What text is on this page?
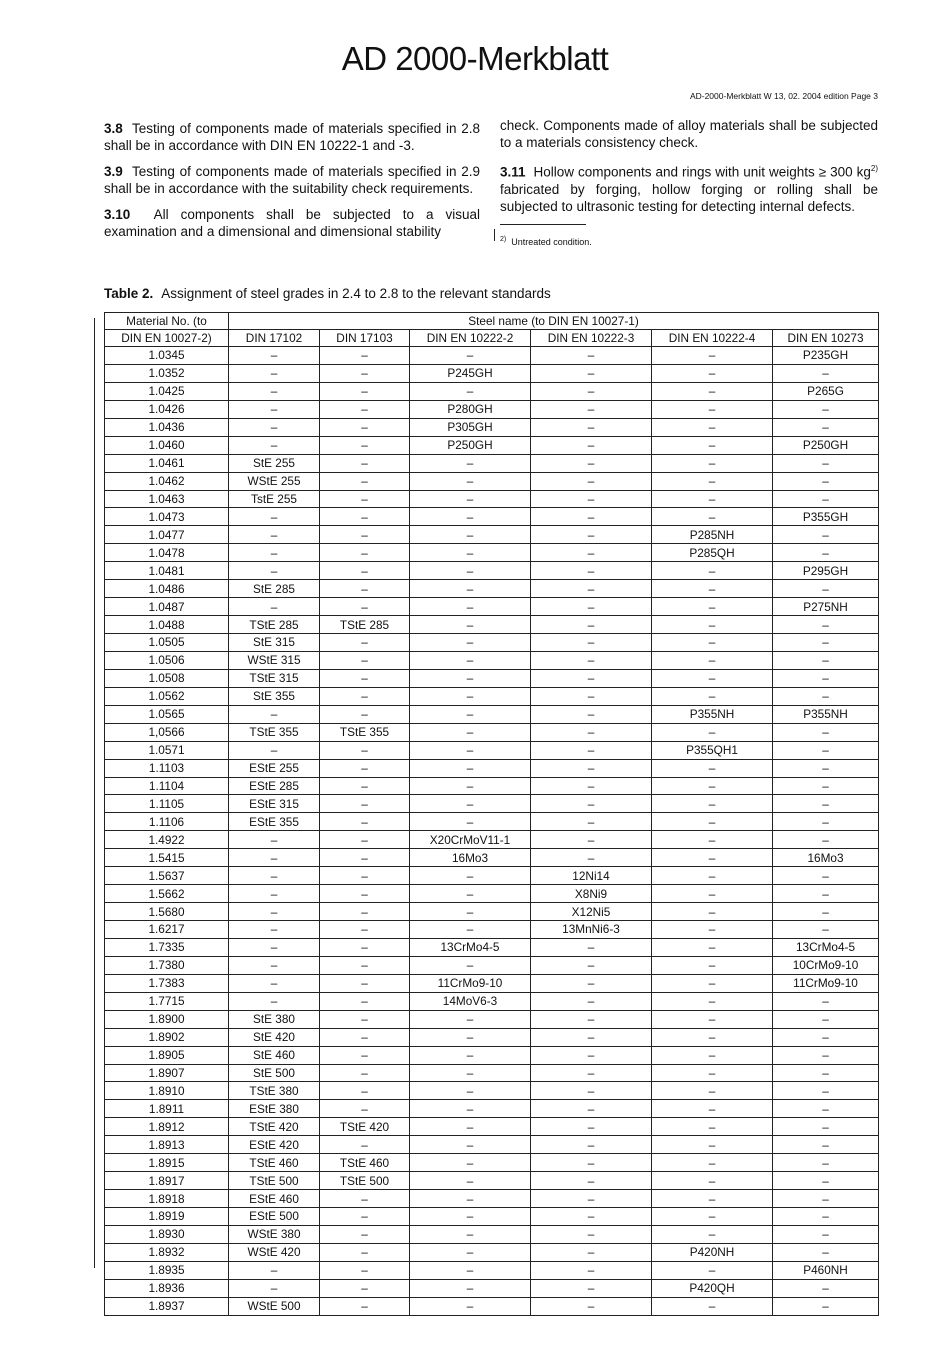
AD 2000-Merkblatt
AD-2000-Merkblatt W 13, 02. 2004 edition Page 3

3.8 Testing of components made of materials specified in 2.8 shall be in accordance with DIN EN 10222-1 and -3.

3.9 Testing of components made of materials specified in 2.9 shall be in accordance with the suitability check requirements.

3.10 All components shall be subjected to a visual examination and a dimensional and dimensional stability

check. Components made of alloy materials shall be subjected to a materials consistency check.

3.11 Hollow components and rings with unit weights ≥ 300 $kg^{2)}$ fabricated by forging, hollow forging or rolling shall be subjected to ultrasonic testing for detecting internal defects.

$^{2)}$ Untreated condition.
Table 2. Assignment of steel grades in 2.4 to 2.8 to the relevant standards
Material No. (to	Steel name (to DIN EN 10027-1)					
DIN EN 10027-2)	DIN 17102	DIN 17103	DIN EN 10222-2	DIN EN 10222-3	DIN EN 10222-4	DIN EN 10273
1.0345	–	–	–	–	–	P235GH
1.0352	–	–	P245GH	–	–	–
1.0425	–	–	–	–	–	P265G
1.0426	–	–	P280GH	–	–	–
1.0436	–	–	P305GH	–	–	–
1.0460	–	–	P250GH	–	–	P250GH
1.0461	StE 255	–	–	–	–	–
1.0462	WStE 255	–	–	–	–	–
1.0463	TstE 255	–	–	–	–	–
1.0473	–	–	–	–	–	P355GH
1.0477	–	–	–	–	P285NH	–
1.0478	–	–	–	–	P285QH	–
1.0481	–	–	–	–	–	P295GH
1.0486	StE 285	–	–	–	–	–
1.0487	–	–	–	–	–	P275NH
1.0488	TStE 285	TStE 285	–	–	–	–
1.0505	StE 315	–	–	–	–	–
1.0506	WStE 315	–	–	–	–	–
1.0508	TStE 315	–	–	–	–	–
1.0562	StE 355	–	–	–	–	–
1.0565	–	–	–	–	P355NH	P355NH
1,0566	TStE 355	TStE 355	–	–	–	–
1.0571	–	–	–	–	P355QH1	–
1.1103	EStE 255	–	–	–	–	–
1.1104	EStE 285	–	–	–	–	–
1.1105	EStE 315	–	–	–	–	–
1.1106	EStE 355	–	–	–	–	–
1.4922	–	–	X20CrMoV11-1	–	–	–
1.5415	–	–	16Mo3	–	–	16Mo3
1.5637	–	–	–	12Ni14	–	–
1.5662	–	–	–	X8Ni9	–	–
1.5680	–	–	–	X12Ni5	–	–
1.6217	–	–	–	13MnNi6-3	–	–
1.7335	–	–	13CrMo4-5	–	–	13CrMo4-5
1.7380	–	–	–	–	–	10CrMo9-10
1.7383	–	–	11CrMo9-10	–	–	11CrMo9-10
1.7715	–	–	14MoV6-3	–	–	–
1.8900	StE 380	–	–	–	–	–
1.8902	StE 420	–	–	–	–	–
1.8905	StE 460	–	–	–	–	–
1.8907	StE 500	–	–	–	–	–
1.8910	TStE 380	–	–	–	–	–
1.8911	EStE 380	–	–	–	–	–
1.8912	TStE 420	TStE 420	–	–	–	–
1.8913	EStE 420	–	–	–	–	–
1.8915	TStE 460	TStE 460	–	–	–	–
1.8917	TStE 500	TStE 500	–	–	–	–
1.8918	EStE 460	–	–	–	–	–
1.8919	EStE 500	–	–	–	–	–
1.8930	WStE 380	–	–	–	–	–
1.8932	WStE 420	–	–	–	P420NH	–
1.8935	–	–	–	–	–	P460NH
1.8936	–	–	–	–	P420QH	–
1.8937	WStE 500	–	–	–	–	–
